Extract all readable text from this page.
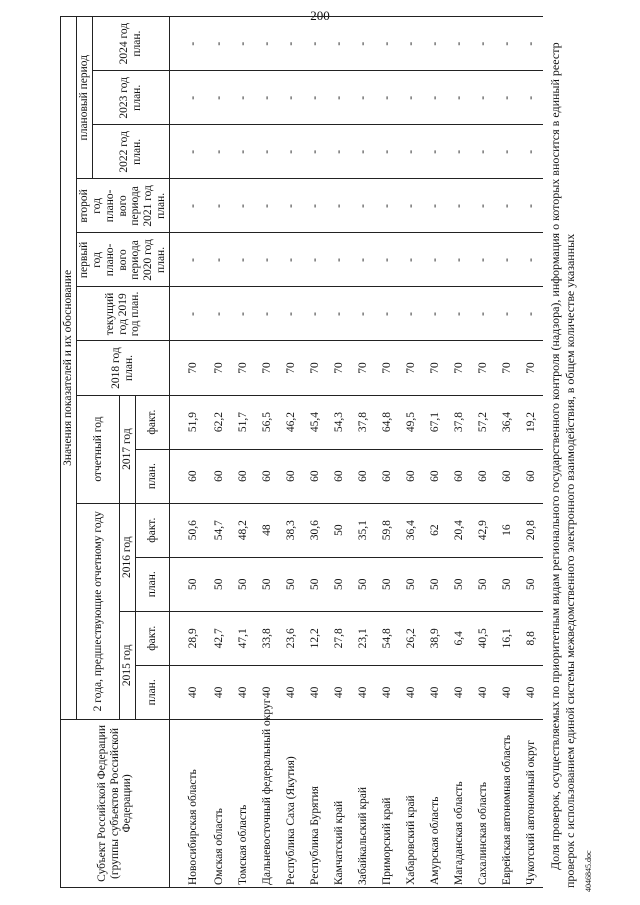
200
Субъект Российской Федерации (группы субъектов Российской Федерации)	Значения показателей и их обоснование												
	2 года, предшествующие отчетному году				отчетный год		2018 год план.	текущий год 2019 год план.	первый год плано-вого периода 2020 год план.	второй год плано-вого периода 2021 год план.	плановый период		
											2022 год план.	2023 год план.	2024 год план.
	2015 год		2016 год		2017 год								
	план.	факт.	план.	факт.	план.	факт.							
Новосибирская область	40	28,9	50	50,6	60	51,9	70	-	-	-	-	-	-
Омская область	40	42,7	50	54,7	60	62,2	70	-	-	-	-	-	-
Томская область	40	47,1	50	48,2	60	51,7	70	-	-	-	-	-	-
Дальневосточный федеральный округ	40	33,8	50	48	60	56,5	70	-	-	-	-	-	-
Республика Саха (Якутия)	40	23,6	50	38,3	60	46,2	70	-	-	-	-	-	-
Республика Бурятия	40	12,2	50	30,6	60	45,4	70	-	-	-	-	-	-
Камчатский край	40	27,8	50	50	60	54,3	70	-	-	-	-	-	-
Забайкальский край	40	23,1	50	35,1	60	37,8	70	-	-	-	-	-	-
Приморский край	40	54,8	50	59,8	60	64,8	70	-	-	-	-	-	-
Хабаровский край	40	26,2	50	36,4	60	49,5	70	-	-	-	-	-	-
Амурская область	40	38,9	50	62	60	67,1	70	-	-	-	-	-	-
Магаданская область	40	6,4	50	20,4	60	37,8	70	-	-	-	-	-	-
Сахалинская область	40	40,5	50	42,9	60	57,2	70	-	-	-	-	-	-
Еврейская автономная область	40	16,1	50	16	60	36,4	70	-	-	-	-	-	-
Чукотский автономный округ	40	8,8	50	20,8	60	19,2	70	-	-	-	-	-	- Доля проверок, осуществляемых по приоритетным видам регионального государственного контроля (надзора), информация о которых вносится в единый реестр проверок с использованием единой системы межведомственного электронного взаимодействия, в общем количестве указанных 4046845.doc
